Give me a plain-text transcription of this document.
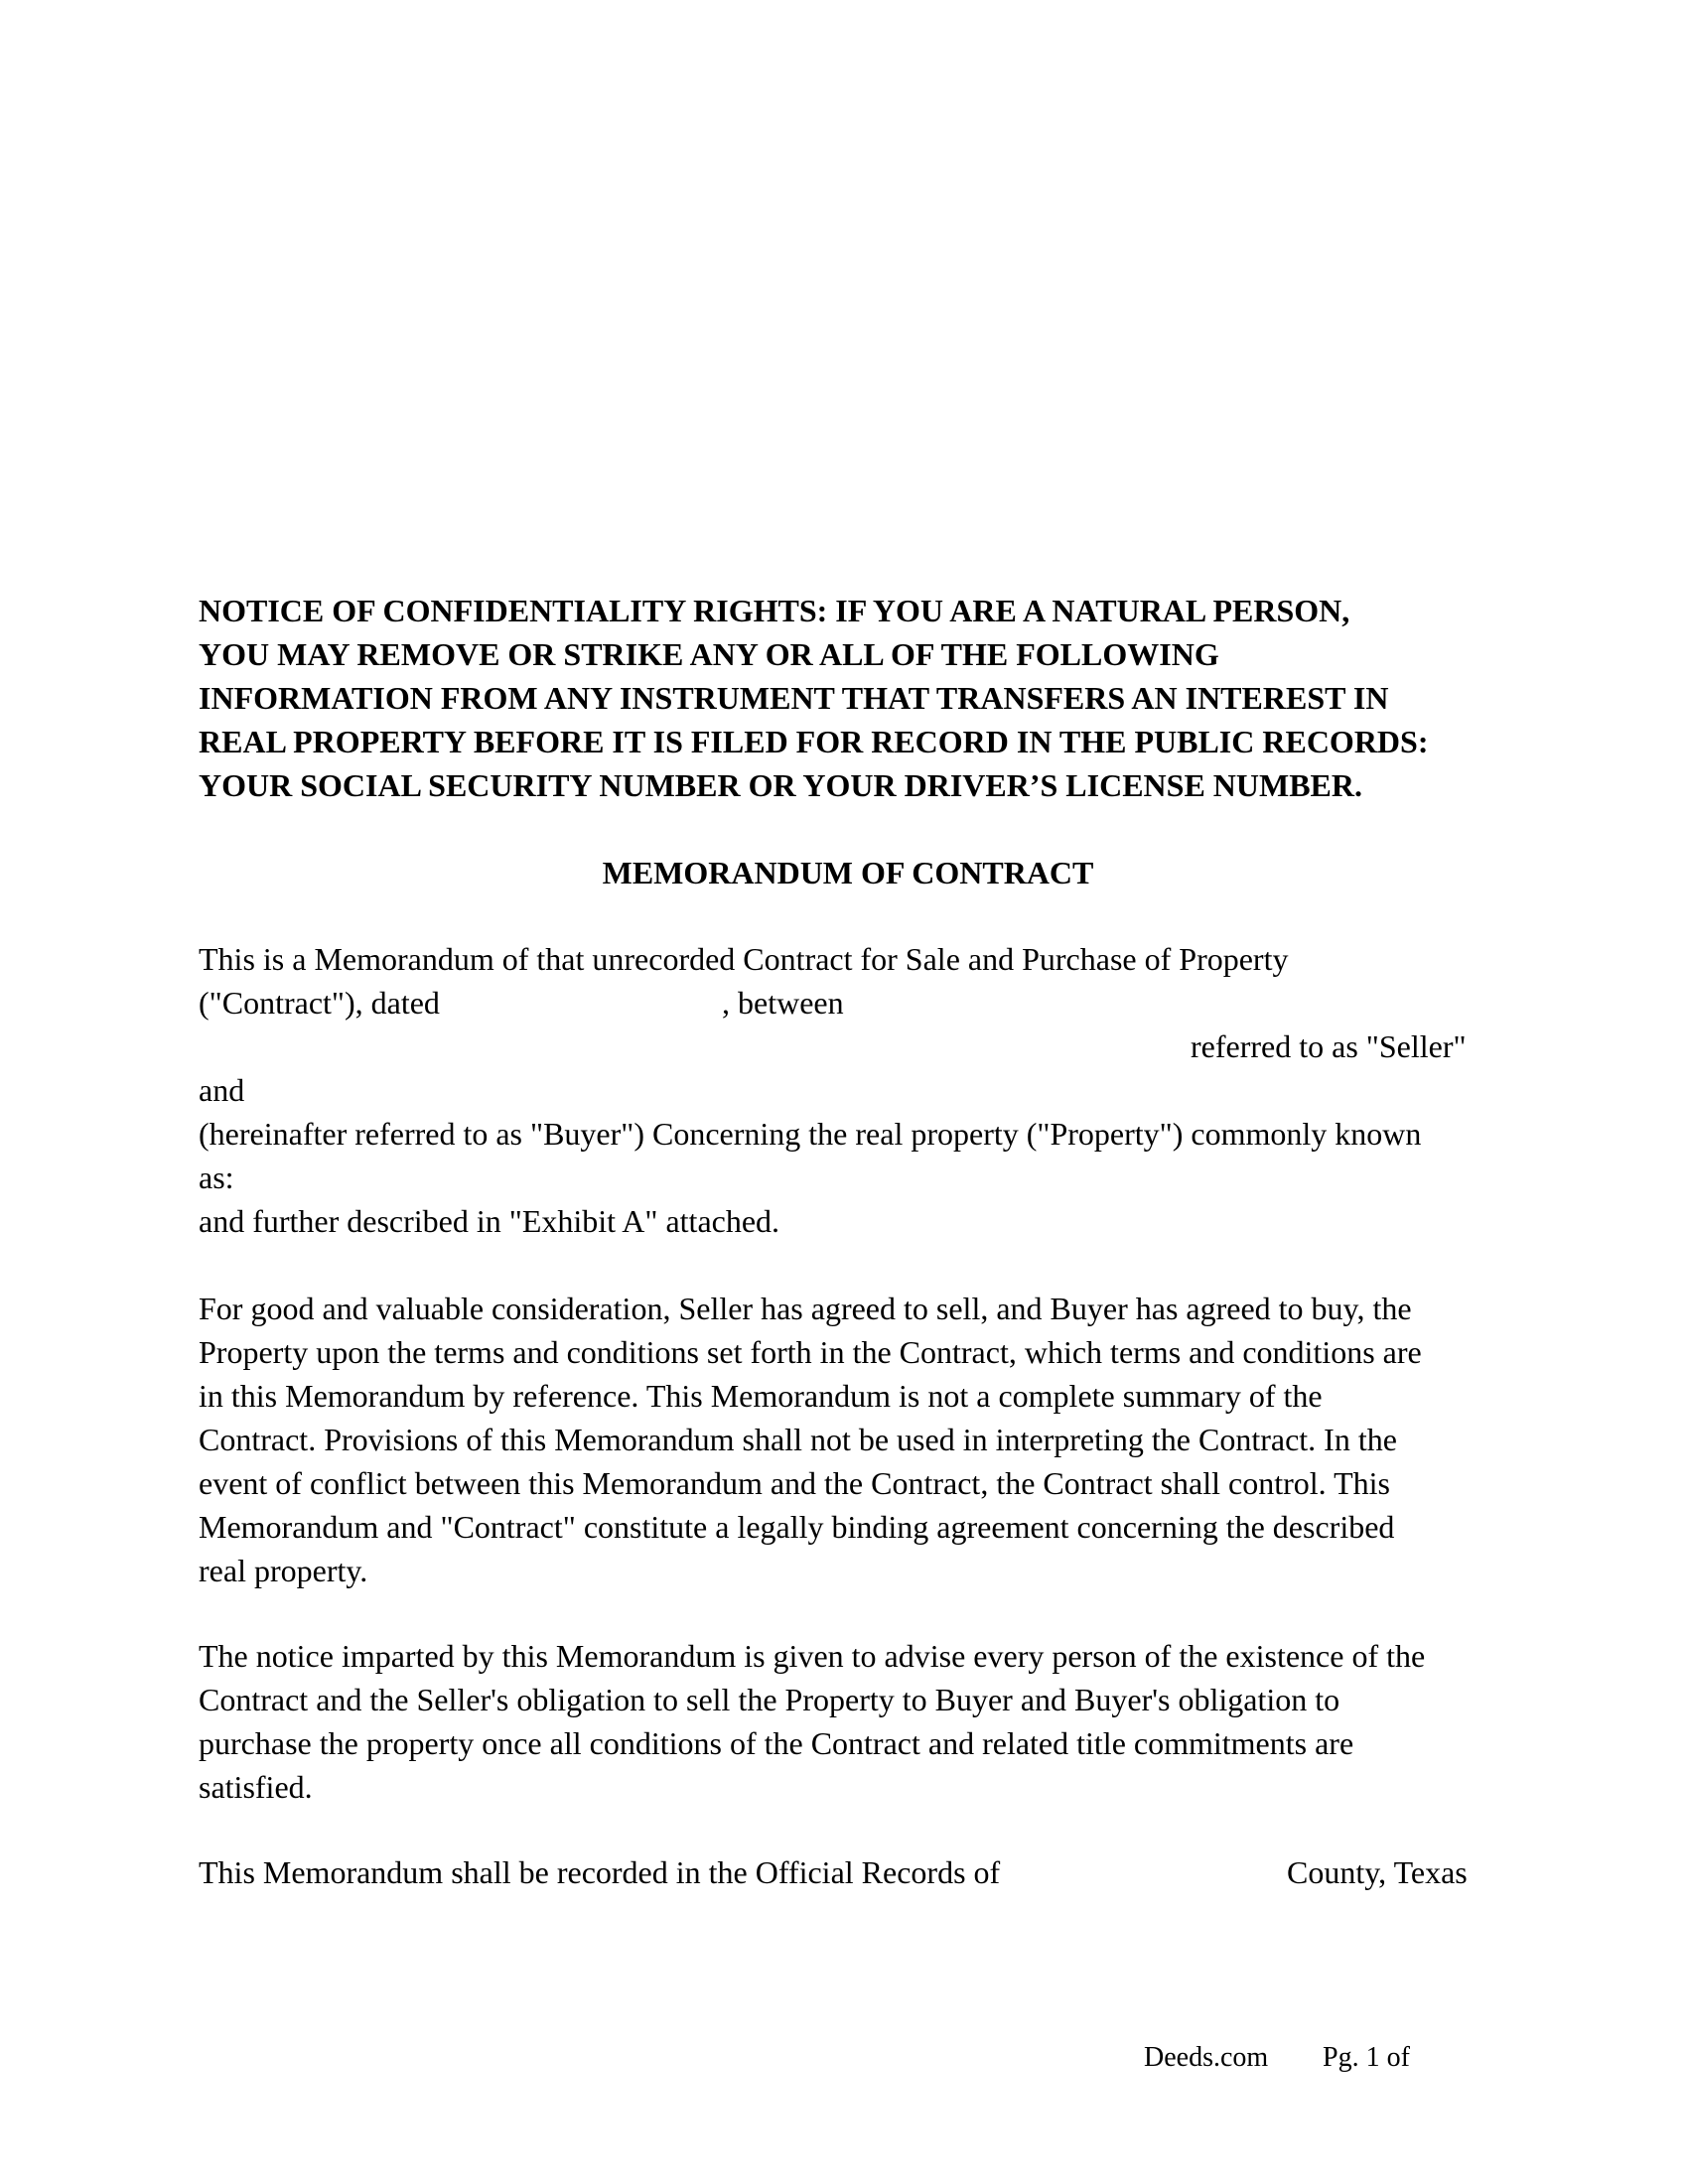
NOTICE OF CONFIDENTIALITY RIGHTS: IF YOU ARE A NATURAL PERSON,
YOU MAY REMOVE OR STRIKE ANY OR ALL OF THE FOLLOWING
INFORMATION FROM ANY INSTRUMENT THAT TRANSFERS AN INTEREST IN
REAL PROPERTY BEFORE IT IS FILED FOR RECORD IN THE PUBLIC RECORDS:
YOUR SOCIAL SECURITY NUMBER OR YOUR DRIVER’S LICENSE NUMBER.
MEMORANDUM OF CONTRACT
This is a Memorandum of that unrecorded Contract for Sale and Purchase of Property
("Contract"), dated	, between
referred to as "Seller"
and
(hereinafter referred to as "Buyer") Concerning the real property ("Property") commonly known
as:
and further described in "Exhibit A" attached.
For good and valuable consideration, Seller has agreed to sell, and Buyer has agreed to buy, the
Property upon the terms and conditions set forth in the Contract, which terms and conditions are
in this Memorandum by reference. This Memorandum is not a complete summary of the
Contract. Provisions of this Memorandum shall not be used in interpreting the Contract. In the
event of conflict between this Memorandum and the Contract, the Contract shall control. This
Memorandum and "Contract" constitute a legally binding agreement concerning the described
real property.
The notice imparted by this Memorandum is given to advise every person of the existence of the
Contract and the Seller's obligation to sell the Property to Buyer and Buyer's obligation to
purchase the property once all conditions of the Contract and related title commitments are
satisfied.
This Memorandum shall be recorded in the Official Records of	County, Texas
Deeds.com Pg. 1 of
